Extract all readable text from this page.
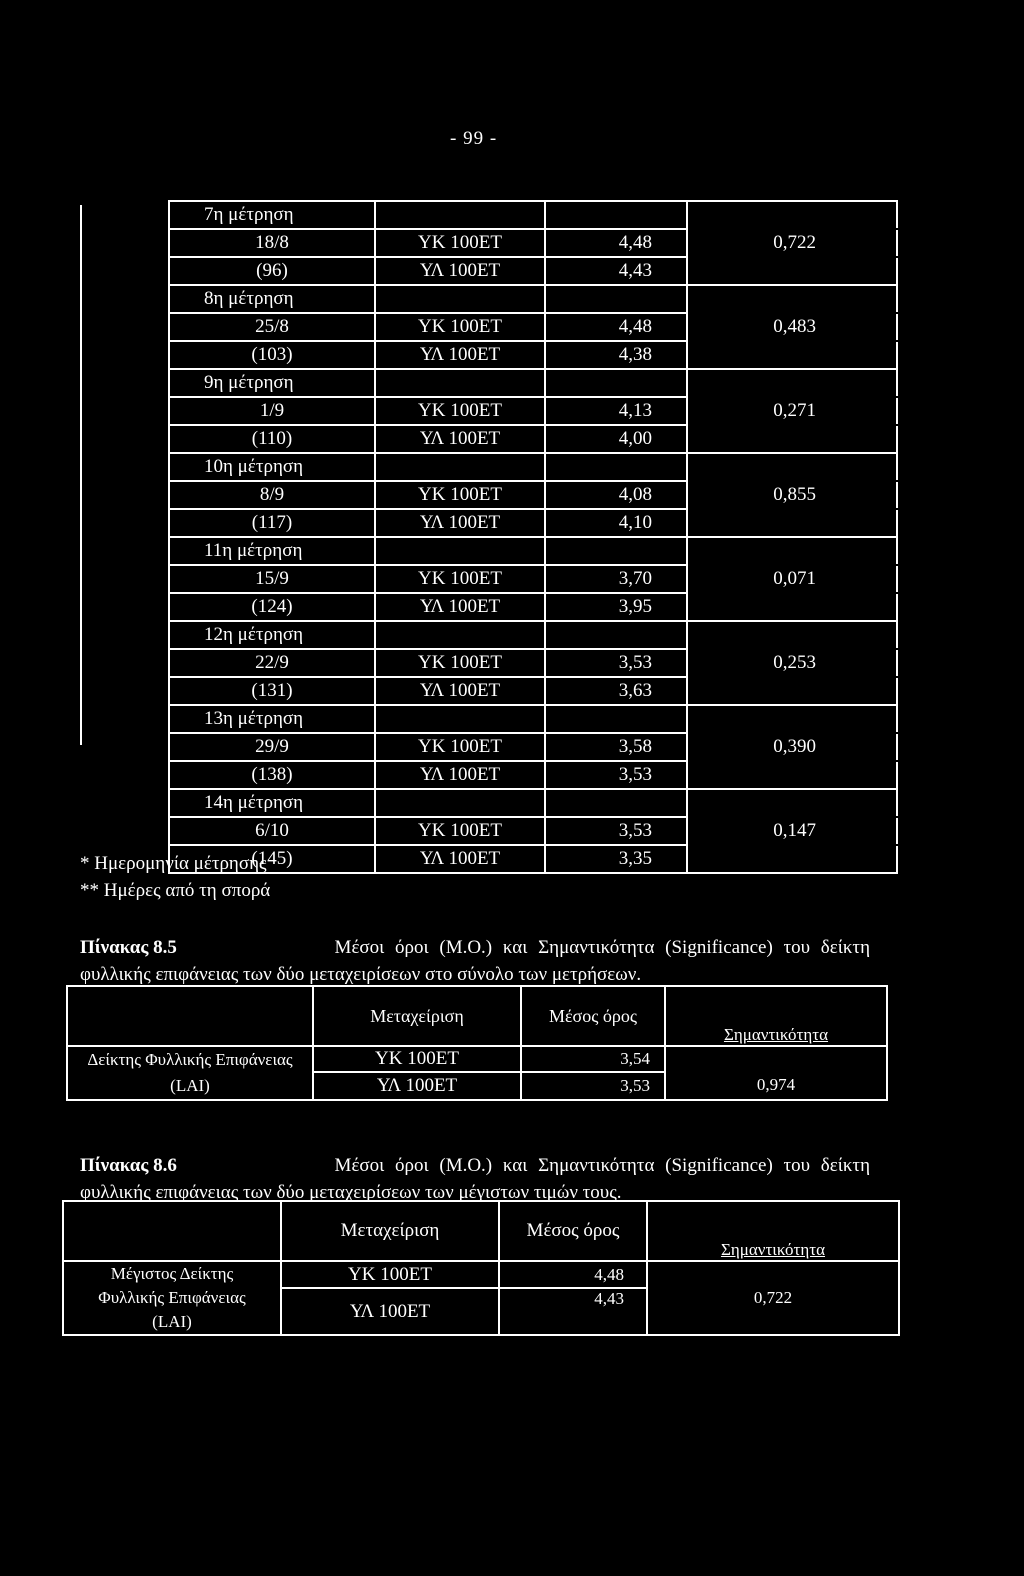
- 99 -
7η μέτρηση			
18/8	ΥΚ 100ΕΤ	4,48	0,722
(96)	ΥΛ 100ΕΤ	4,43	
8η μέτρηση			
25/8	ΥΚ 100ΕΤ	4,48	0,483
(103)	ΥΛ 100ΕΤ	4,38	
9η μέτρηση			
1/9	ΥΚ 100ΕΤ	4,13	0,271
(110)	ΥΛ 100ΕΤ	4,00	
10η μέτρηση			
8/9	ΥΚ 100ΕΤ	4,08	0,855
(117)	ΥΛ 100ΕΤ	4,10	
11η μέτρηση			
15/9	ΥΚ 100ΕΤ	3,70	0,071
(124)	ΥΛ 100ΕΤ	3,95	
12η μέτρηση			
22/9	ΥΚ 100ΕΤ	3,53	0,253
(131)	ΥΛ 100ΕΤ	3,63	
13η μέτρηση			
29/9	ΥΚ 100ΕΤ	3,58	0,390
(138)	ΥΛ 100ΕΤ	3,53	
14η μέτρηση			
6/10	ΥΚ 100ΕΤ	3,53	0,147
(145)	ΥΛ 100ΕΤ	3,35	
* Ημερομηνία μέτρησης
** Ημέρες από τη σπορά
Πίνακας 8.5	Μέσοι όροι (Μ.Ο.) και Σημαντικότητα (Significance) του δείκτη
φυλλικής επιφάνειας των δύο μεταχειρίσεων στο σύνολο των μετρήσεων.
	Μεταχείριση	Μέσος όρος	Σημαντικότητα

Δείκτης Φυλλικής Επιφάνειας
(LAI)	ΥΚ 100ΕΤ	3,54	0,974
	ΥΛ 100ΕΤ	3,53	
Πίνακας 8.6	Μέσοι όροι (Μ.Ο.) και Σημαντικότητα (Significance) του δείκτη
φυλλικής επιφάνειας των δύο μεταχειρίσεων των μέγιστων τιμών τους.
	Μεταχείριση	Μέσος όρος	Σημαντικότητα

Μέγιστος Δείκτης
Φυλλικής Επιφάνειας
(LAI)	ΥΚ 100ΕΤ	4,48	0,722
	ΥΛ 100ΕΤ	4,43	
